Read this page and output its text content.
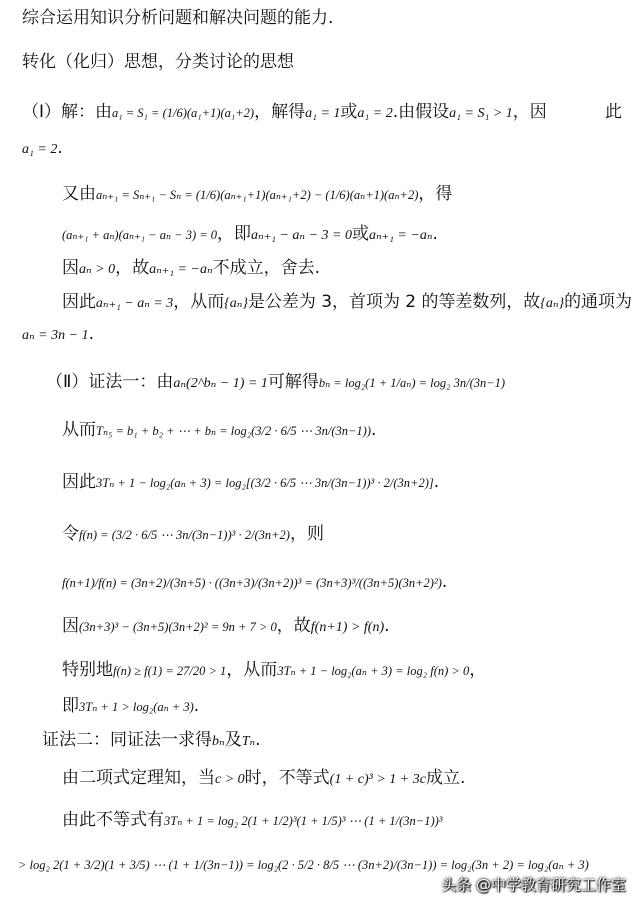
综合运用知识分析问题和解决问题的能力.
转化（化归）思想，分类讨论的思想
（Ⅰ）解：由a₁ = S₁ = (1/6)(a₁+1)(a₁+2)，解得a₁ = 1或a₁ = 2.由假设a₁ = S₁ > 1，因	此
a₁ = 2.
又由aₙ₊₁ = Sₙ₊₁ − Sₙ = (1/6)(aₙ₊₁+1)(aₙ₊₁+2) − (1/6)(aₙ+1)(aₙ+2)，得
(aₙ₊₁ + aₙ)(aₙ₊₁ − aₙ − 3) = 0，即aₙ₊₁ − aₙ − 3 = 0或aₙ₊₁ = −aₙ.
因aₙ > 0，故aₙ₊₁ = −aₙ不成立，舍去.
因此aₙ₊₁ − aₙ = 3，从而{aₙ}是公差为 3，首项为 2 的等差数列，故{aₙ}的通项为
aₙ = 3n − 1.
（Ⅱ）证法一：由aₙ(2^bₙ − 1) = 1可解得bₙ = log₂(1 + 1/aₙ) = log₂ 3n/(3n−1)
从而Tₙ₅ = b₁ + b₂ + ⋯ + bₙ = log₂(3/2 · 6/5 ⋯ 3n/(3n−1)).
因此3Tₙ + 1 − log₂(aₙ + 3) = log₂[(3/2 · 6/5 ⋯ 3n/(3n−1))³ · 2/(3n+2)].
令f(n) = (3/2 · 6/5 ⋯ 3n/(3n−1))³ · 2/(3n+2)，则
f(n+1)/f(n) = (3n+2)/(3n+5) · ((3n+3)/(3n+2))³ = (3n+3)³/((3n+5)(3n+2)²).
因(3n+3)³ − (3n+5)(3n+2)² = 9n + 7 > 0，故f(n+1) > f(n).
特别地f(n) ≥ f(1) = 27/20 > 1，从而3Tₙ + 1 − log₂(aₙ + 3) = log₂ f(n) > 0，
即3Tₙ + 1 > log₂(aₙ + 3).
证法二：同证法一求得bₙ及Tₙ.
由二项式定理知，当c > 0时，不等式(1 + c)³ > 1 + 3c成立.
由此不等式有3Tₙ + 1 = log₂ 2(1 + 1/2)³(1 + 1/5)³ ⋯ (1 + 1/(3n−1))³
> log₂ 2(1 + 3/2)(1 + 3/5) ⋯ (1 + 1/(3n−1)) = log₂(2 · 5/2 · 8/5 ⋯ (3n+2)/(3n−1)) = log₂(3n + 2) = log₂(aₙ + 3)
头条 @中学教育研究工作室
